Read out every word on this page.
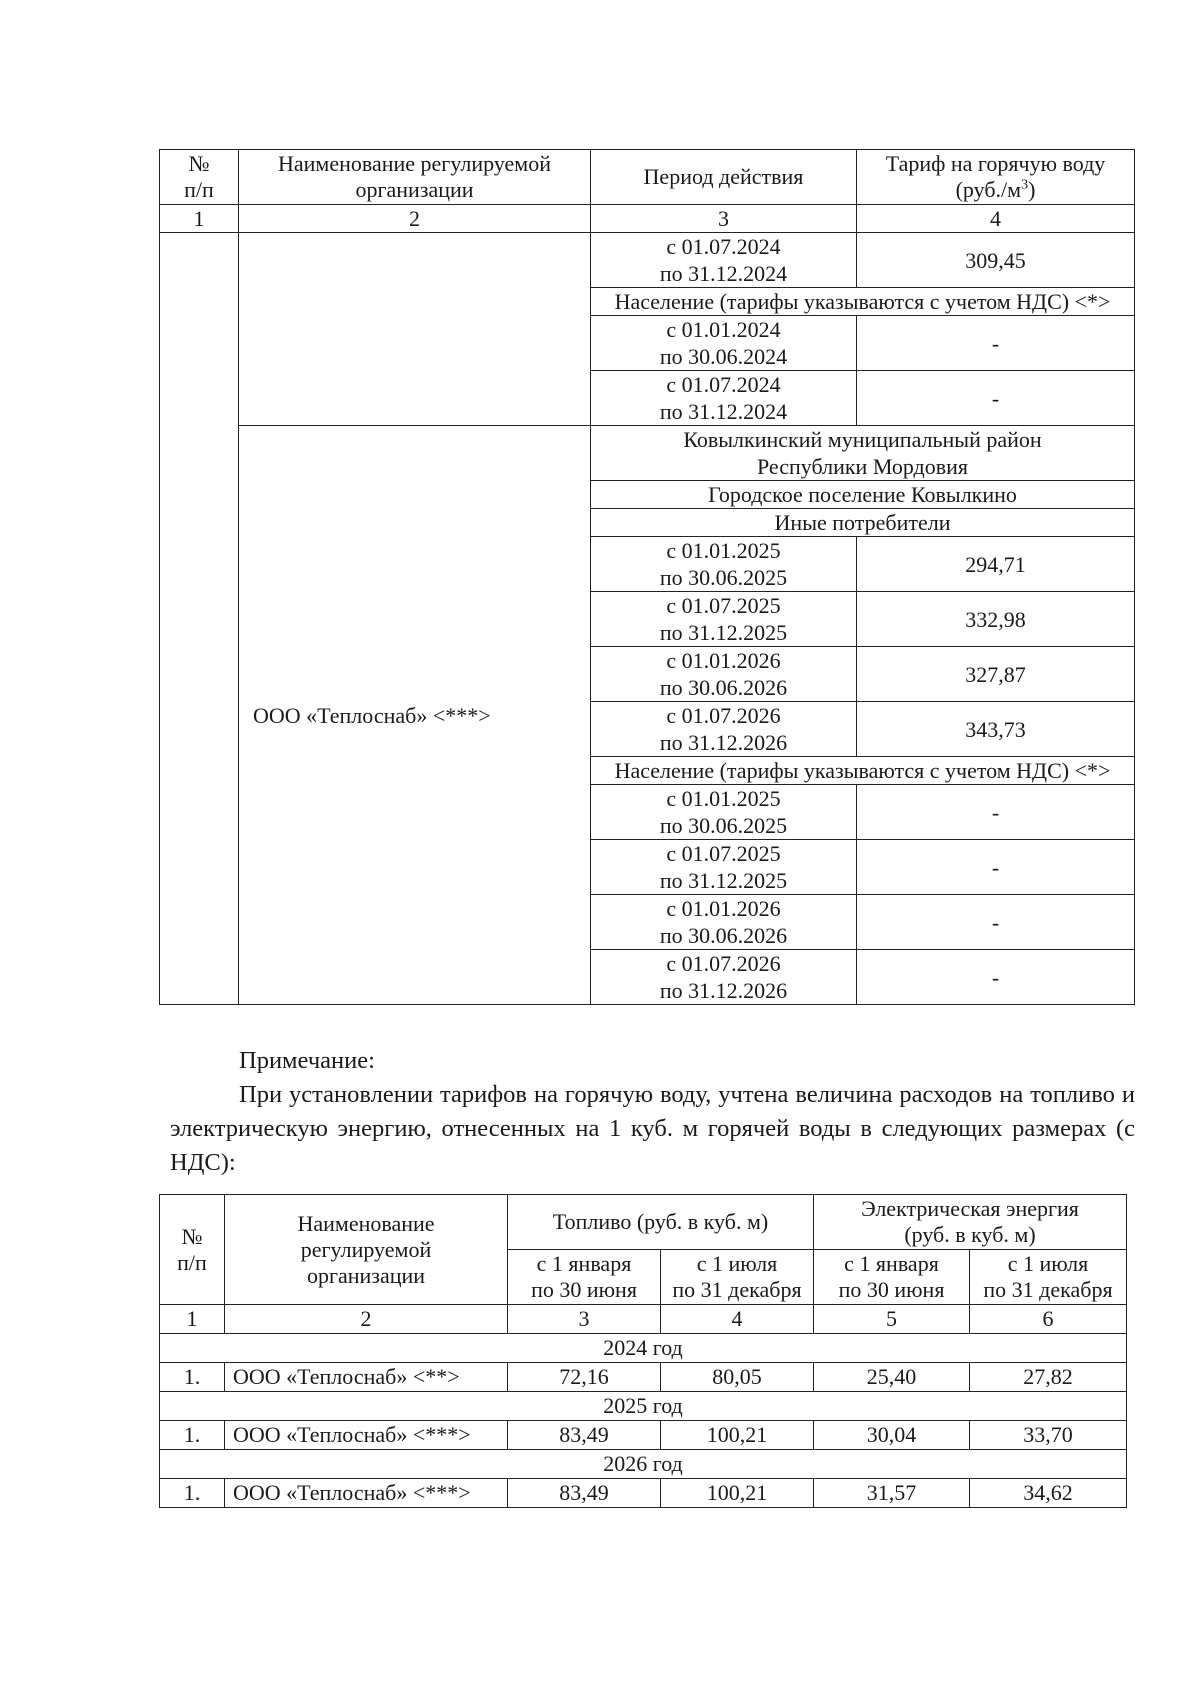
№
п/п	Наименование регулируемой
организации	Период действия	Тариф на горячую воду
$(руб./м^3)$
1	2	3	4
		с 01.07.2024
по 31.12.2024	309,45
		Население (тарифы указываются с учетом НДС) <*>	
		с 01.01.2024
по 30.06.2024	-
		с 01.07.2024
по 31.12.2024	-
	ООО «Теплоснаб» <***>	Ковылкинский муниципальный район
Республики Мордовия	
		Городское поселение Ковылкино	
		Иные потребители	
		с 01.01.2025
по 30.06.2025	294,71
		с 01.07.2025
по 31.12.2025	332,98
		с 01.01.2026
по 30.06.2026	327,87
		с 01.07.2026
по 31.12.2026	343,73
		Население (тарифы указываются с учетом НДС) <*>	
		с 01.01.2025
по 30.06.2025	-
		с 01.07.2025
по 31.12.2025	-
		с 01.01.2026
по 30.06.2026	-
		с 01.07.2026
по 31.12.2026	-
Примечание:
При установлении тарифов на горячую воду, учтена величина расходов на топливо и электрическую энергию, отнесенных на 1 куб. м горячей воды в следующих размерах (с НДС):
№
п/п	Наименование
регулируемой
организации	Топливо (руб. в куб. м)		Электрическая энергия
(руб. в куб. м)	
		с 1 января
по 30 июня	с 1 июля
по 31 декабря	с 1 января
по 30 июня	с 1 июля
по 31 декабря
1	2	3	4	5	6
2024 год					
1.	ООО «Теплоснаб» <**>	72,16	80,05	25,40	27,82
2025 год					
1.	ООО «Теплоснаб» <***>	83,49	100,21	30,04	33,70
2026 год					
1.	ООО «Теплоснаб» <***>	83,49	100,21	31,57	34,62
